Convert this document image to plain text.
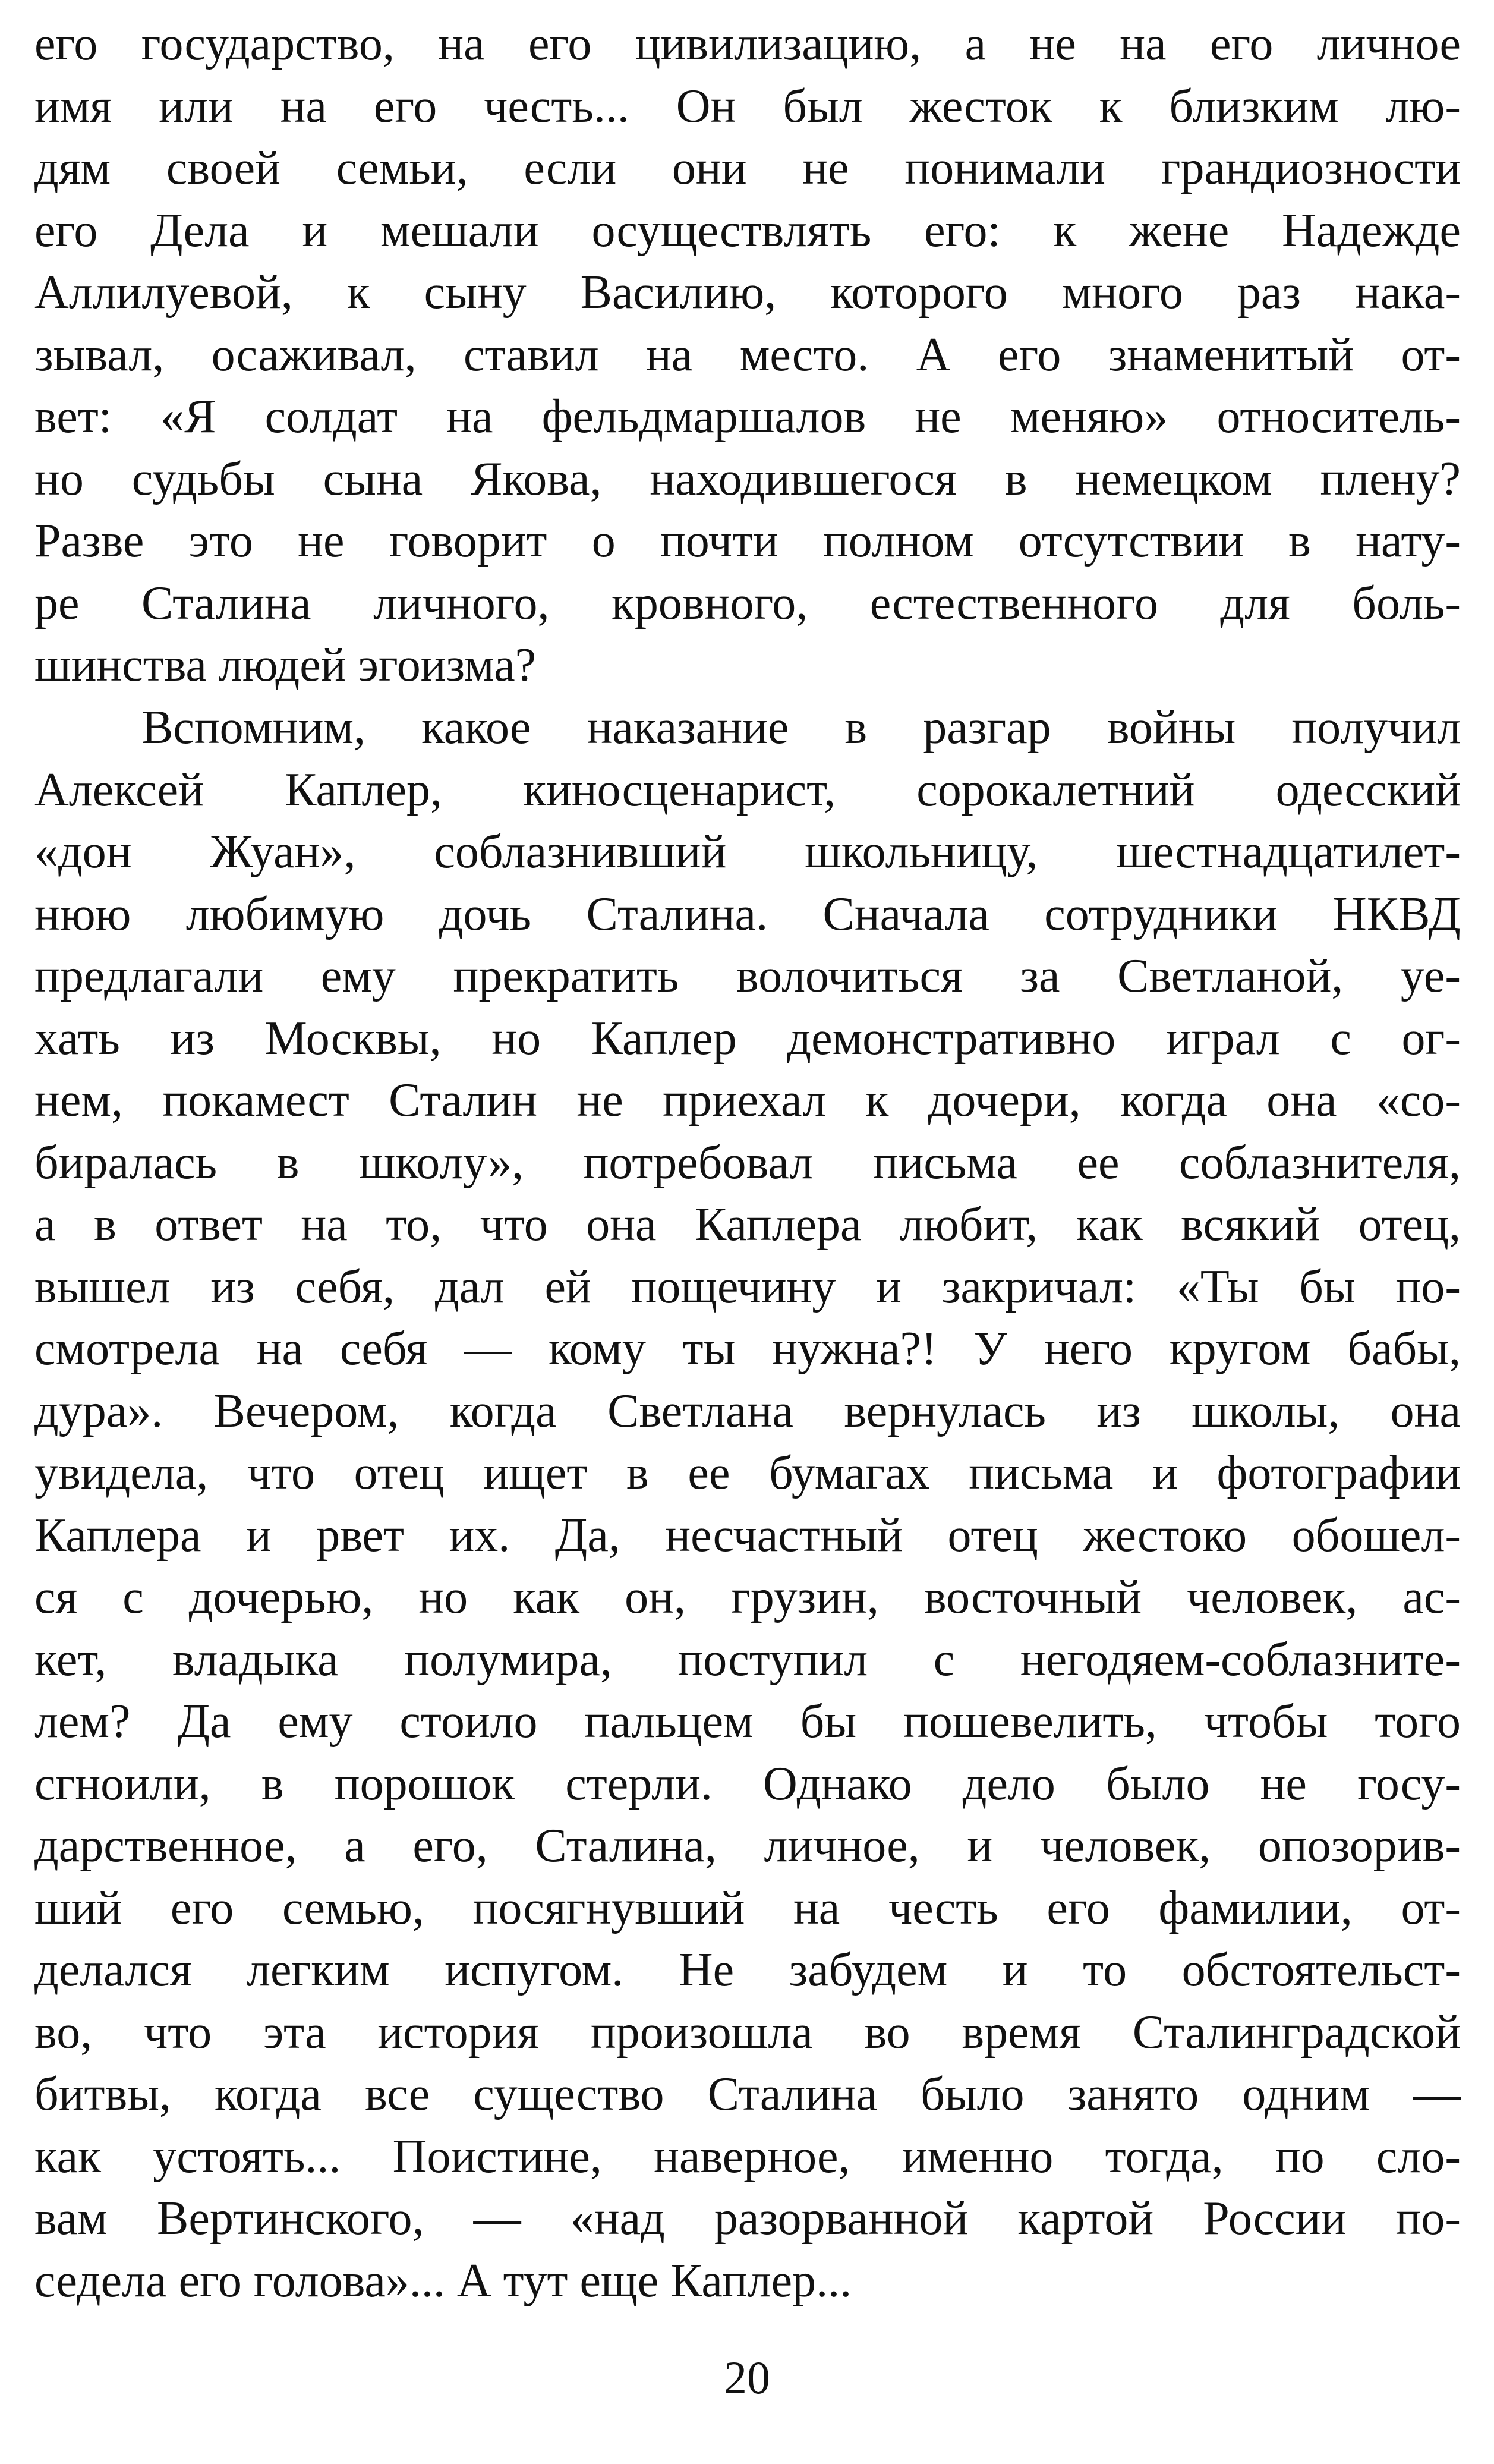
его государство, на его цивилизацию, а не на его личное
имя или на его честь... Он был жесток к близким лю-
дям своей семьи, если они не понимали грандиозности
его Дела и мешали осуществлять его: к жене Надежде
Аллилуевой, к сыну Василию, которого много раз нака-
зывал, осаживал, ставил на место. А его знаменитый от-
вет: «Я солдат на фельдмаршалов не меняю» относитель-
но судьбы сына Якова, находившегося в немецком плену?
Разве это не говорит о почти полном отсутствии в нату-
ре Сталина личного, кровного, естественного для боль-
шинства людей эгоизма?
Вспомним, какое наказание в разгар войны получил
Алексей Каплер, киносценарист, сорокалетний одесский
«дон Жуан», соблазнивший школьницу, шестнадцатилет-
нюю любимую дочь Сталина. Сначала сотрудники НКВД
предлагали ему прекратить волочиться за Светланой, уе-
хать из Москвы, но Каплер демонстративно играл с ог-
нем, покамест Сталин не приехал к дочери, когда она «со-
биралась в школу», потребовал письма ее соблазнителя,
а в ответ на то, что она Каплера любит, как всякий отец,
вышел из себя, дал ей пощечину и закричал: «Ты бы по-
смотрела на себя — кому ты нужна?! У него кругом бабы,
дура». Вечером, когда Светлана вернулась из школы, она
увидела, что отец ищет в ее бумагах письма и фотографии
Каплера и рвет их. Да, несчастный отец жестоко обошел-
ся с дочерью, но как он, грузин, восточный человек, ас-
кет, владыка полумира, поступил с негодяем-соблазните-
лем? Да ему стоило пальцем бы пошевелить, чтобы того
сгноили, в порошок стерли. Однако дело было не госу-
дарственное, а его, Сталина, личное, и человек, опозорив-
ший его семью, посягнувший на честь его фамилии, от-
делался легким испугом. Не забудем и то обстоятельст-
во, что эта история произошла во время Сталинградской
битвы, когда все существо Сталина было занято одним —
как устоять... Поистине, наверное, именно тогда, по сло-
вам Вертинского, — «над разорванной картой России по-
седела его голова»... А тут еще Каплер...
20
